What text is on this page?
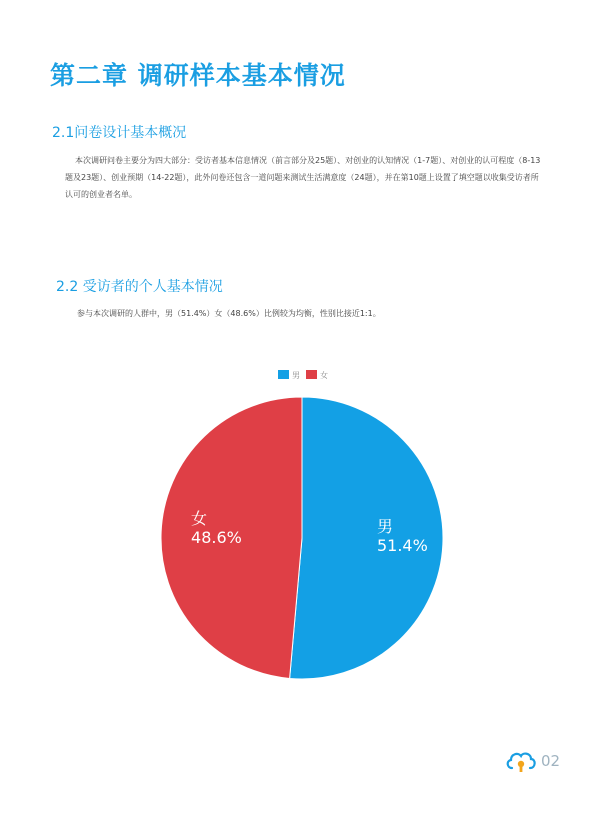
第二章 调研样本基本情况
2.1问卷设计基本概况
本次调研问卷主要分为四大部分：受访者基本信息情况（前言部分及25题）、对创业的认知情况（1-7题）、对创业的认可程度（8-13题及23题）、创业预期（14-22题），此外问卷还包含一道问题来测试生活满意度（24题），并在第10题上设置了填空题以收集受访者所认可的创业者名单。
2.2 受访者的个人基本情况
参与本次调研的人群中，男（51.4%）女（48.6%）比例较为均衡，性别比接近1:1。
男	女
男
51.4%
女
48.6%
02
